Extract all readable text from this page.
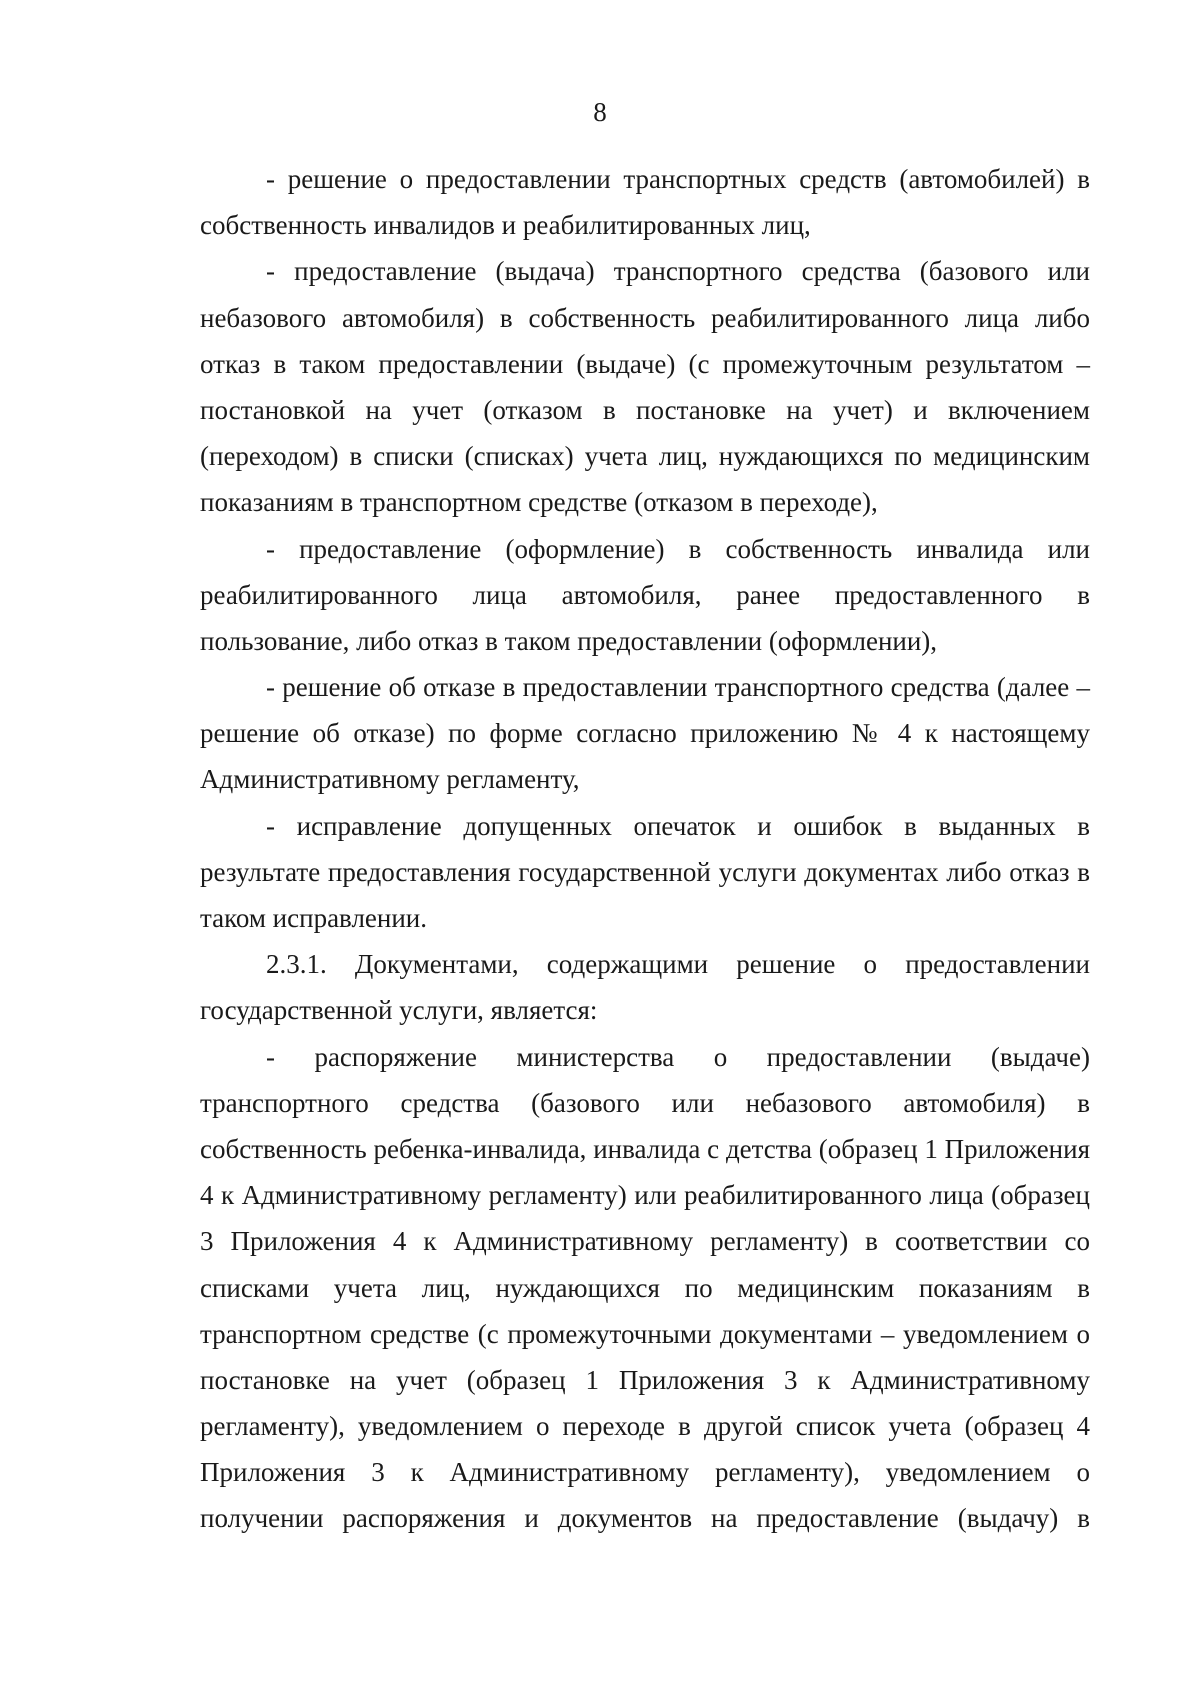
8
- решение о предоставлении транспортных средств (автомобилей) в
собственность инвалидов и реабилитированных лиц,
- предоставление (выдача) транспортного средства (базового или
небазового автомобиля) в собственность реабилитированного лица либо
отказ в таком предоставлении (выдаче) (с промежуточным результатом –
постановкой на учет (отказом в постановке на учет) и включением
(переходом) в списки (списках) учета лиц, нуждающихся по медицинским
показаниям в транспортном средстве (отказом в переходе),
- предоставление (оформление) в собственность инвалида или
реабилитированного лица автомобиля, ранее предоставленного в
пользование, либо отказ в таком предоставлении (оформлении),
- решение об отказе в предоставлении транспортного средства (далее –
решение об отказе) по форме согласно приложению № 4 к настоящему
Административному регламенту,
- исправление допущенных опечаток и ошибок в выданных в
результате предоставления государственной услуги документах либо отказ в
таком исправлении.
2.3.1. Документами, содержащими решение о предоставлении
государственной услуги, является:
- распоряжение министерства о предоставлении (выдаче)
транспортного средства (базового или небазового автомобиля) в
собственность ребенка-инвалида, инвалида с детства (образец 1 Приложения
4 к Административному регламенту) или реабилитированного лица (образец
3 Приложения 4 к Административному регламенту) в соответствии со
списками учета лиц, нуждающихся по медицинским показаниям в
транспортном средстве (с промежуточными документами – уведомлением о
постановке на учет (образец 1 Приложения 3 к Административному
регламенту), уведомлением о переходе в другой список учета (образец 4
Приложения 3 к Административному регламенту), уведомлением о
получении распоряжения и документов на предоставление (выдачу) в
